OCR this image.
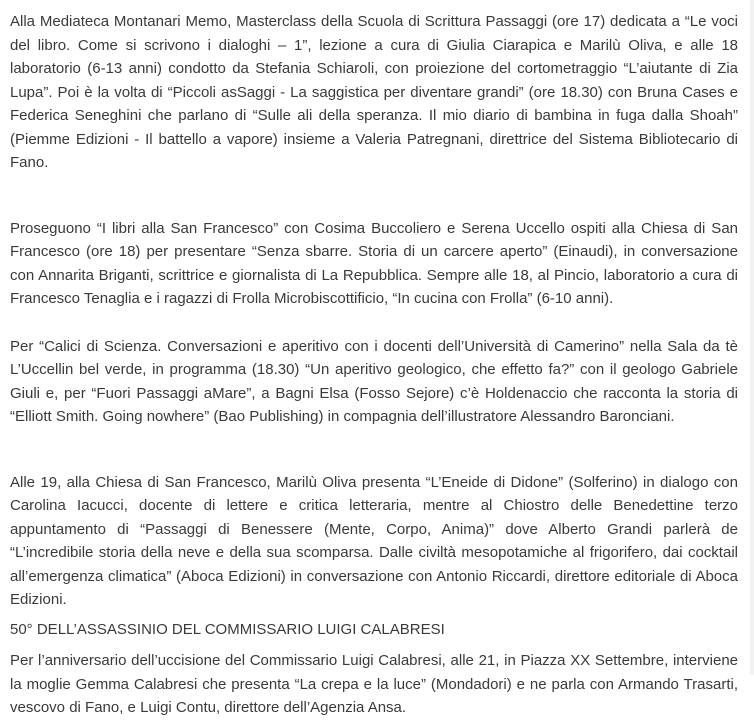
Alla Mediateca Montanari Memo, Masterclass della Scuola di Scrittura Passaggi (ore 17) dedicata a “Le voci del libro. Come si scrivono i dialoghi – 1”, lezione a cura di Giulia Ciarapica e Marilù Oliva, e alle 18 laboratorio (6-13 anni) condotto da Stefania Schiaroli, con proiezione del cortometraggio “L’aiutante di Zia Lupa”. Poi è la volta di “Piccoli asSaggi - La saggistica per diventare grandi” (ore 18.30) con Bruna Cases e Federica Seneghini che parlano di “Sulle ali della speranza. Il mio diario di bambina in fuga dalla Shoah” (Piemme Edizioni - Il battello a vapore) insieme a Valeria Patregnani, direttrice del Sistema Bibliotecario di Fano.

Proseguono “I libri alla San Francesco” con Cosima Buccoliero e Serena Uccello ospiti alla Chiesa di San Francesco (ore 18) per presentare “Senza sbarre. Storia di un carcere aperto” (Einaudi), in conversazione con Annarita Briganti, scrittrice e giornalista di La Repubblica. Sempre alle 18, al Pincio, laboratorio a cura di Francesco Tenaglia e i ragazzi di Frolla Microbiscottificio, “In cucina con Frolla” (6-10 anni).

Per “Calici di Scienza. Conversazioni e aperitivo con i docenti dell’Università di Camerino” nella Sala da tè L’Uccellin bel verde, in programma (18.30) “Un aperitivo geologico, che effetto fa?” con il geologo Gabriele Giuli e, per “Fuori Passaggi aMare”, a Bagni Elsa (Fosso Sejore) c’è Holdenaccio che racconta la storia di “Elliott Smith. Going nowhere” (Bao Publishing) in compagnia dell’illustratore Alessandro Baronciani.

Alle 19, alla Chiesa di San Francesco, Marilù Oliva presenta “L’Eneide di Didone” (Solferino) in dialogo con Carolina Iacucci, docente di lettere e critica letteraria, mentre al Chiostro delle Benedettine terzo appuntamento di “Passaggi di Benessere (Mente, Corpo, Anima)” dove Alberto Grandi parlerà de “L’incredibile storia della neve e della sua scomparsa. Dalle civiltà mesopotamiche al frigorifero, dai cocktail all’emergenza climatica” (Aboca Edizioni) in conversazione con Antonio Riccardi, direttore editoriale di Aboca Edizioni.

50° DELL’ASSASSINIO DEL COMMISSARIO LUIGI CALABRESI

Per l’anniversario dell’uccisione del Commissario Luigi Calabresi, alle 21, in Piazza XX Settembre, interviene la moglie Gemma Calabresi che presenta “La crepa e la luce” (Mondadori) e ne parla con Armando Trasarti, vescovo di Fano, e Luigi Contu, direttore dell’Agenzia Ansa.
